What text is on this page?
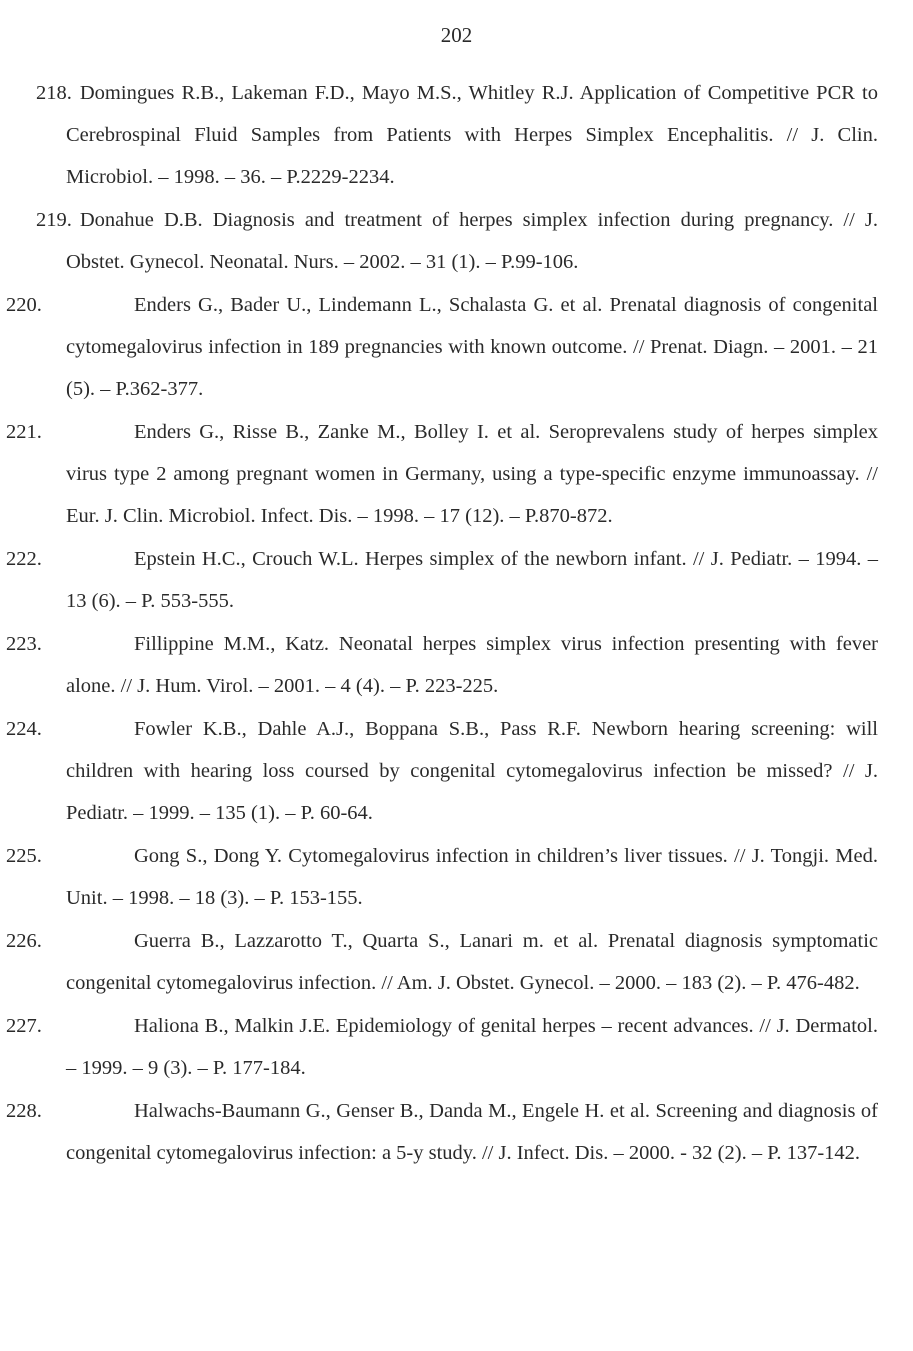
202

218. Domingues R.B., Lakeman F.D., Mayo M.S., Whitley R.J. Application of Competitive PCR to Cerebrospinal Fluid Samples from Patients with Herpes Simplex Encephalitis. // J. Clin. Microbiol. – 1998. – 36. – P.2229-2234.

219. Donahue D.B. Diagnosis and treatment of herpes simplex infection during pregnancy. // J. Obstet. Gynecol. Neonatal. Nurs. – 2002. – 31 (1). – P.99-106.

220.	Enders G., Bader U., Lindemann L., Schalasta G. et al. Prenatal diagnosis of congenital cytomegalovirus infection in 189 pregnancies with known outcome. // Prenat. Diagn. – 2001. – 21 (5). – P.362-377.

221.	Enders G., Risse B., Zanke M., Bolley I. et al. Seroprevalens study of herpes simplex virus type 2 among pregnant women in Germany, using a type-specific enzyme immunoassay. // Eur. J. Clin. Microbiol. Infect. Dis. – 1998. – 17 (12). – P.870-872.

222.	Epstein H.C., Crouch W.L. Herpes simplex of the newborn infant. // J. Pediatr. – 1994. – 13 (6). – P. 553-555.

223.	Fillippine M.M., Katz. Neonatal herpes simplex virus infection presenting with fever alone. // J. Hum. Virol. – 2001. – 4 (4). – P. 223-225.

224.	Fowler K.B., Dahle A.J., Boppana S.B., Pass R.F. Newborn hearing screening: will children with hearing loss coursed by congenital cytomegalovirus infection be missed? // J. Pediatr. – 1999. – 135 (1). – P. 60-64.

225.	Gong S., Dong Y. Cytomegalovirus infection in children’s liver tissues. // J. Tongji. Med. Unit. – 1998. – 18 (3). – P. 153-155.

226.	Guerra B., Lazzarotto T., Quarta S., Lanari m. et al. Prenatal diagnosis symptomatic congenital cytomegalovirus infection. // Am. J. Obstet. Gynecol. – 2000. – 183 (2). – P. 476-482.

227.	Haliona B., Malkin J.E. Epidemiology of genital herpes – recent advances. // J. Dermatol. – 1999. – 9 (3). – P. 177-184.

228.	Halwachs-Baumann G., Genser B., Danda M., Engele H. et al. Screening and diagnosis of congenital cytomegalovirus infection: a 5-y study. // J. Infect. Dis. – 2000. - 32 (2). – P. 137-142.
